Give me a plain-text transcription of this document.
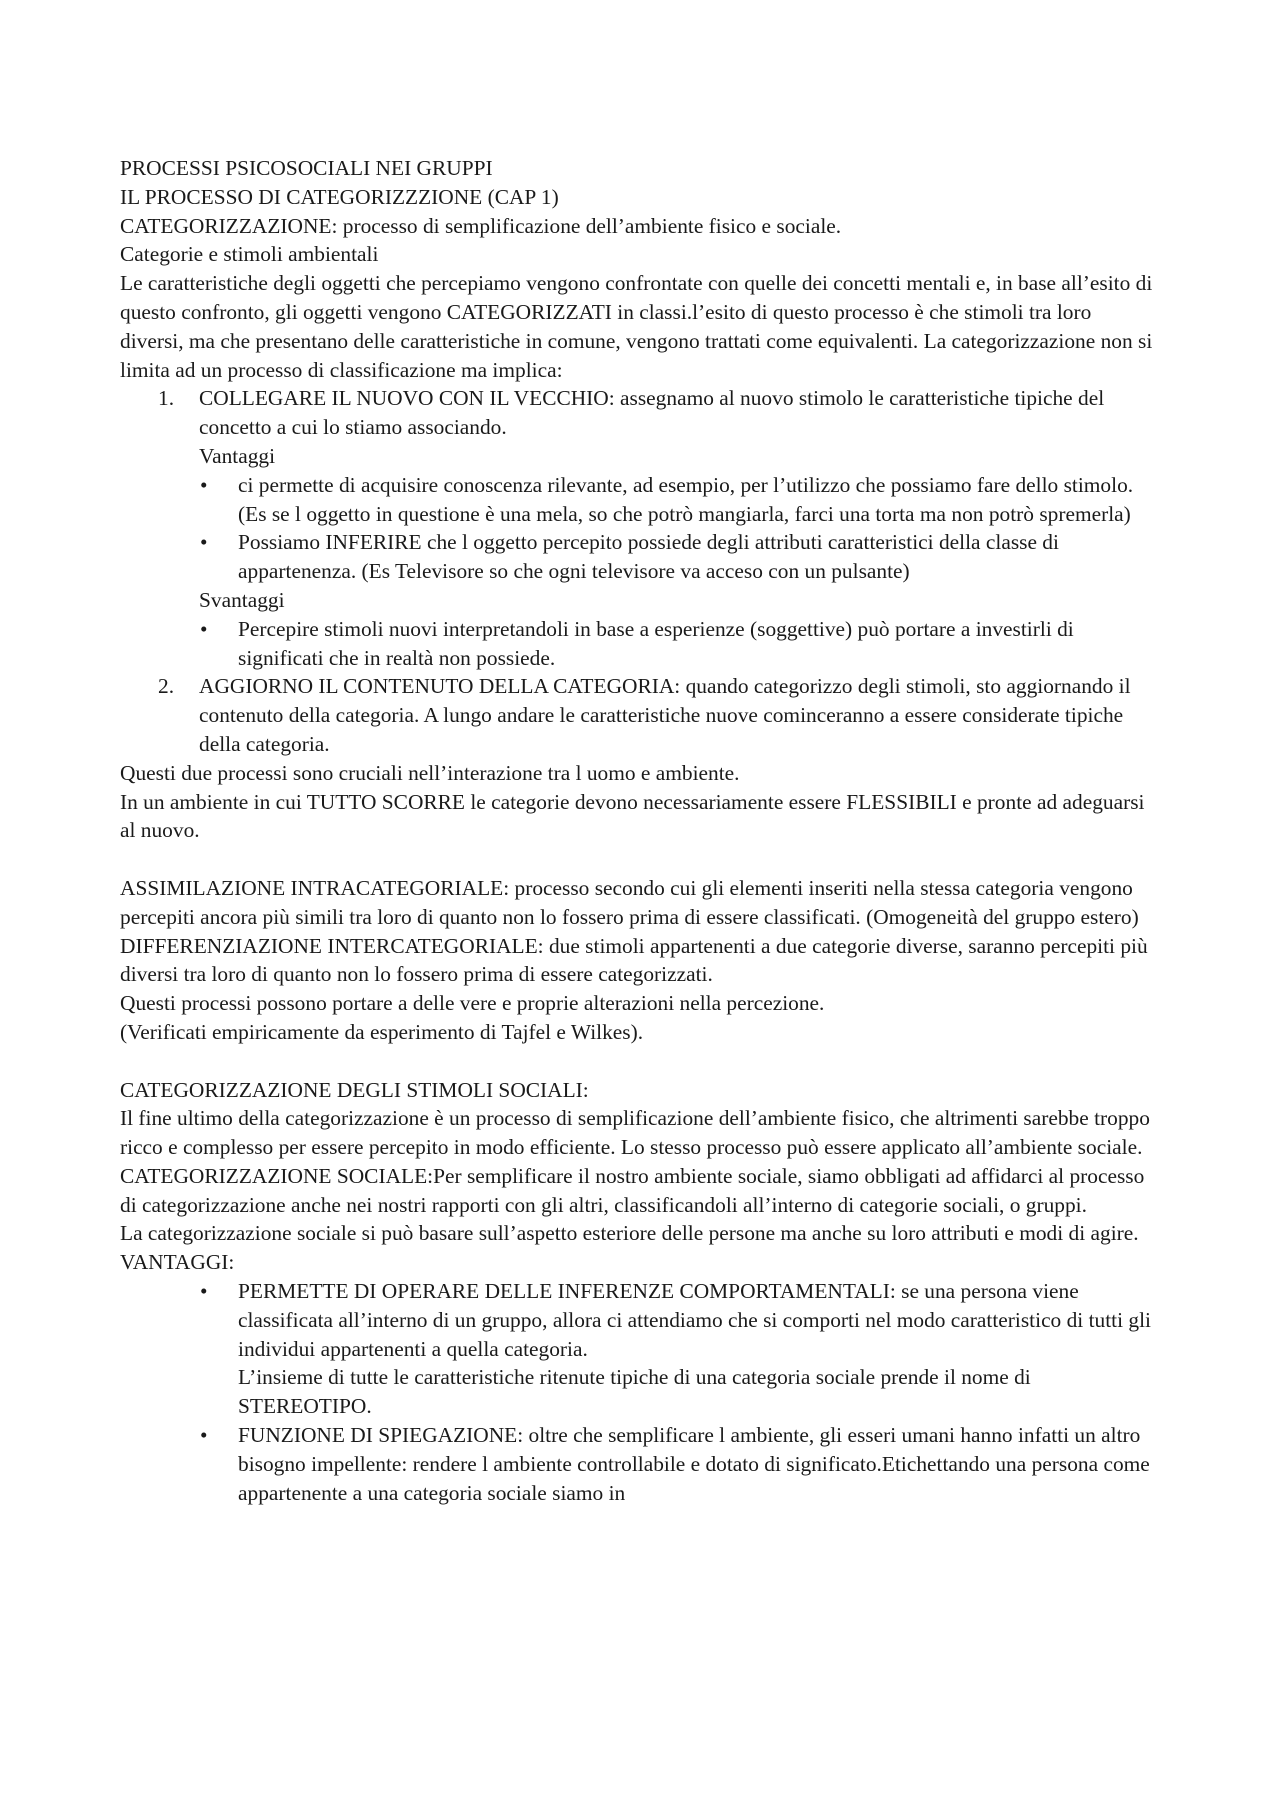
PROCESSI PSICOSOCIALI NEI GRUPPI

IL PROCESSO DI CATEGORIZZZIONE (CAP 1)

CATEGORIZZAZIONE: processo di semplificazione dell’ambiente fisico e sociale.

Categorie e stimoli ambientali

Le caratteristiche degli oggetti che percepiamo vengono confrontate con quelle dei concetti mentali e, in base all’esito di questo confronto, gli oggetti vengono CATEGORIZZATI in classi.l’esito di questo processo è che stimoli tra loro diversi, ma che presentano delle caratteristiche in comune, vengono trattati come equivalenti. La categorizzazione non si limita ad un processo di classificazione ma implica:

1. COLLEGARE IL NUOVO CON IL VECCHIO: assegnamo al nuovo stimolo le caratteristiche tipiche del concetto a cui lo stiamo associando.

Vantaggi

• ci permette di acquisire conoscenza rilevante, ad esempio, per l’utilizzo che possiamo fare dello stimolo. (Es se l oggetto in questione è una mela, so che potrò mangiarla, farci una torta ma non potrò spremerla)

• Possiamo INFERIRE che l oggetto percepito possiede degli attributi caratteristici della classe di appartenenza. (Es Televisore so che ogni televisore va acceso con un pulsante)

Svantaggi

• Percepire stimoli nuovi interpretandoli in base a esperienze (soggettive) può portare a investirli di significati che in realtà non possiede.

2. AGGIORNO IL CONTENUTO DELLA CATEGORIA: quando categorizzo degli stimoli, sto aggiornando il contenuto della categoria. A lungo andare le caratteristiche nuove cominceranno a essere considerate tipiche della categoria.

Questi due processi sono cruciali nell’interazione tra l uomo e ambiente.

In un ambiente in cui TUTTO SCORRE le categorie devono necessariamente essere FLESSIBILI e pronte ad adeguarsi al nuovo.

ASSIMILAZIONE INTRACATEGORIALE: processo secondo cui gli elementi inseriti nella stessa categoria vengono percepiti ancora più simili tra loro di quanto non lo fossero prima di essere classificati. (Omogeneità del gruppo estero)

DIFFERENZIAZIONE INTERCATEGORIALE: due stimoli appartenenti a due categorie diverse, saranno percepiti più diversi tra loro di quanto non lo fossero prima di essere categorizzati.

Questi processi possono portare a delle vere e proprie alterazioni nella percezione.

(Verificati empiricamente da esperimento di Tajfel e Wilkes).

CATEGORIZZAZIONE DEGLI STIMOLI SOCIALI:

Il fine ultimo della categorizzazione è un processo di semplificazione dell’ambiente fisico, che altrimenti sarebbe troppo ricco e complesso per essere percepito in modo efficiente. Lo stesso processo può essere applicato all’ambiente sociale.

CATEGORIZZAZIONE SOCIALE:Per semplificare il nostro ambiente sociale, siamo obbligati ad affidarci al processo di categorizzazione anche nei nostri rapporti con gli altri, classificandoli all’interno di categorie sociali, o gruppi.

La categorizzazione sociale si può basare sull’aspetto esteriore delle persone ma anche su loro attributi e modi di agire.

VANTAGGI:

• PERMETTE DI OPERARE DELLE INFERENZE COMPORTAMENTALI: se una persona viene classificata all’interno di un gruppo, allora ci attendiamo che si comporti nel modo caratteristico di tutti gli individui appartenenti a quella categoria.

L’insieme di tutte le caratteristiche ritenute tipiche di una categoria sociale prende il nome di STEREOTIPO.

• FUNZIONE DI SPIEGAZIONE: oltre che semplificare l ambiente, gli esseri umani hanno infatti un altro bisogno impellente: rendere l ambiente controllabile e dotato di significato.Etichettando una persona come appartenente a una categoria sociale siamo in
